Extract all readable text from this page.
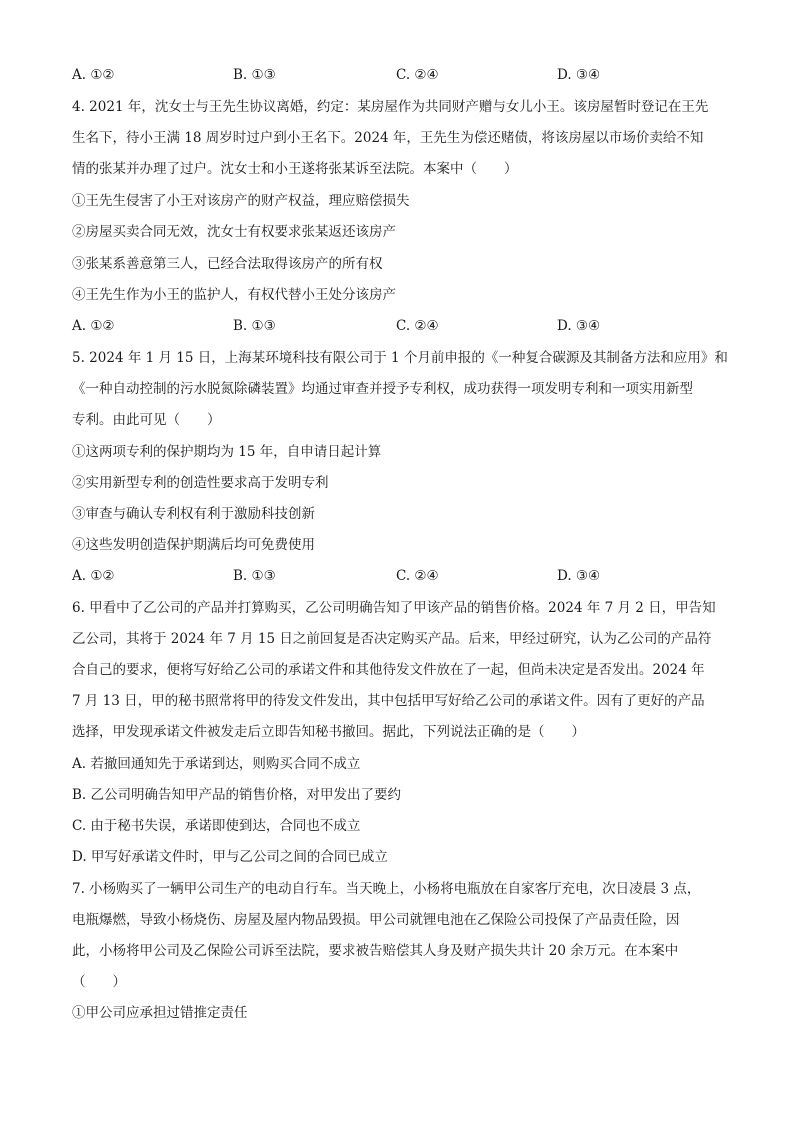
A. ①②	B. ①③	C. ②④	D. ③④
4. 2021 年，沈女士与王先生协议离婚，约定：某房屋作为共同财产赠与女儿小王。该房屋暂时登记在王先
生名下，待小王满 18 周岁时过户到小王名下。2024 年，王先生为偿还赌债，将该房屋以市场价卖给不知
情的张某并办理了过户。沈女士和小王遂将张某诉至法院。本案中（　　）
①王先生侵害了小王对该房产的财产权益，理应赔偿损失
②房屋买卖合同无效，沈女士有权要求张某返还该房产
③张某系善意第三人，已经合法取得该房产的所有权
④王先生作为小王的监护人，有权代替小王处分该房产
A. ①②	B. ①③	C. ②④	D. ③④
5. 2024 年 1 月 15 日，上海某环境科技有限公司于 1 个月前申报的《一种复合碳源及其制备方法和应用》和
《一种自动控制的污水脱氮除磷装置》均通过审查并授予专利权，成功获得一项发明专利和一项实用新型
专利。由此可见（　　）
①这两项专利的保护期均为 15 年，自申请日起计算
②实用新型专利的创造性要求高于发明专利
③审查与确认专利权有利于激励科技创新
④这些发明创造保护期满后均可免费使用
A. ①②	B. ①③	C. ②④	D. ③④
6. 甲看中了乙公司的产品并打算购买，乙公司明确告知了甲该产品的销售价格。2024 年 7 月 2 日，甲告知
乙公司，其将于 2024 年 7 月 15 日之前回复是否决定购买产品。后来，甲经过研究，认为乙公司的产品符
合自己的要求，便将写好给乙公司的承诺文件和其他待发文件放在了一起，但尚未决定是否发出。2024 年
7 月 13 日，甲的秘书照常将甲的待发文件发出，其中包括甲写好给乙公司的承诺文件。因有了更好的产品
选择，甲发现承诺文件被发走后立即告知秘书撤回。据此，下列说法正确的是（　　）
A. 若撤回通知先于承诺到达，则购买合同不成立
B. 乙公司明确告知甲产品的销售价格，对甲发出了要约
C. 由于秘书失误，承诺即使到达，合同也不成立
D. 甲写好承诺文件时，甲与乙公司之间的合同已成立
7. 小杨购买了一辆甲公司生产的电动自行车。当天晚上，小杨将电瓶放在自家客厅充电，次日凌晨 3 点，
电瓶爆燃，导致小杨烧伤、房屋及屋内物品毁损。甲公司就锂电池在乙保险公司投保了产品责任险，因
此，小杨将甲公司及乙保险公司诉至法院，要求被告赔偿其人身及财产损失共计 20 余万元。在本案中
（　　）
①甲公司应承担过错推定责任
